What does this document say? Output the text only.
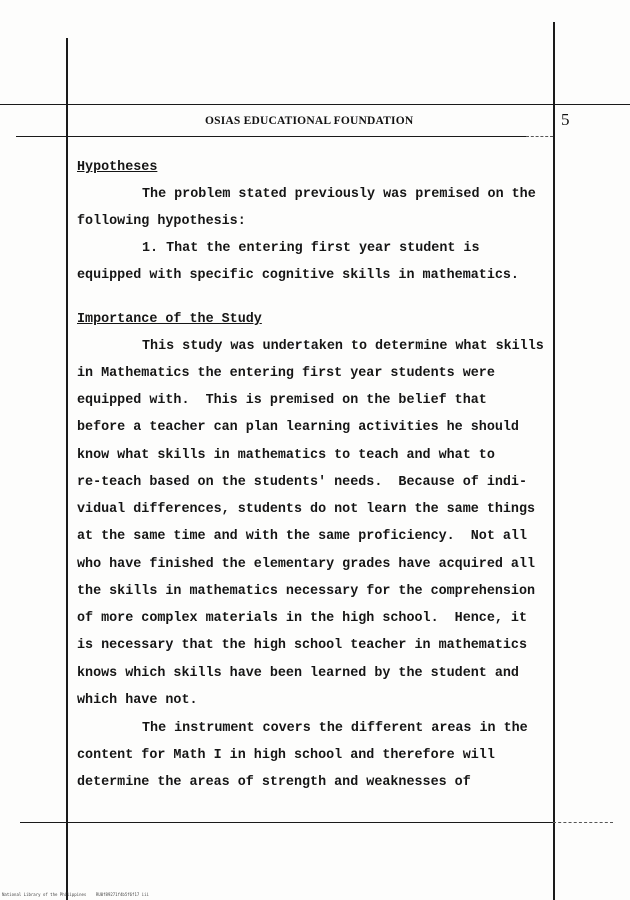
OSIAS EDUCATIONAL FOUNDATION	5
Hypotheses
The problem stated previously was premised on the
following hypothesis:
1. That the entering first year student is
equipped with specific cognitive skills in mathematics.
Importance of the Study
This study was undertaken to determine what skills
in Mathematics the entering first year students were
equipped with.  This is premised on the belief that
before a teacher can plan learning activities he should
know what skills in mathematics to teach and what to
re-teach based on the students' needs.  Because of indi-
vidual differences, students do not learn the same things
at the same time and with the same proficiency.  Not all
who have finished the elementary grades have acquired all
the skills in mathematics necessary for the comprehension
of more complex materials in the high school.  Hence, it
is necessary that the high school teacher in mathematics
knows which skills have been learned by the student and
which have not.
The instrument covers the different areas in the
content for Math I in high school and therefore will
determine the areas of strength and weaknesses of
National Library of the Philippines    RU0f89271f4b5f6f17 iii
